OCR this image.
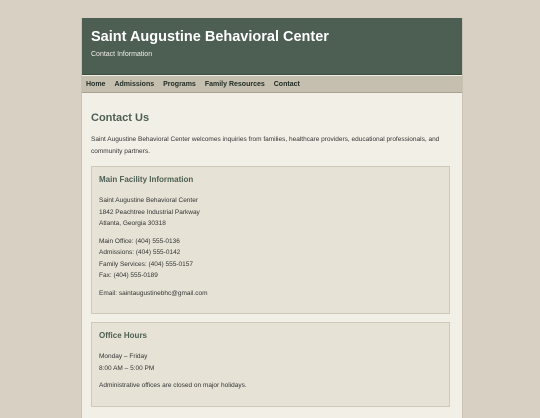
Saint Augustine Behavioral Center

Contact Information

Home Admissions Programs Family Resources Contact
Contact Us

Saint Augustine Behavioral Center welcomes inquiries from families, healthcare providers, educational professionals, and community partners.

Main Facility Information

Saint Augustine Behavioral Center
1842 Peachtree Industrial Parkway
Atlanta, Georgia 30318

Main Office: (404) 555-0136
Admissions: (404) 555-0142
Family Services: (404) 555-0157
Fax: (404) 555-0189

Email: saintaugustinebhc@gmail.com

Office Hours

Monday – Friday
8:00 AM – 5:00 PM

Administrative offices are closed on major holidays.
